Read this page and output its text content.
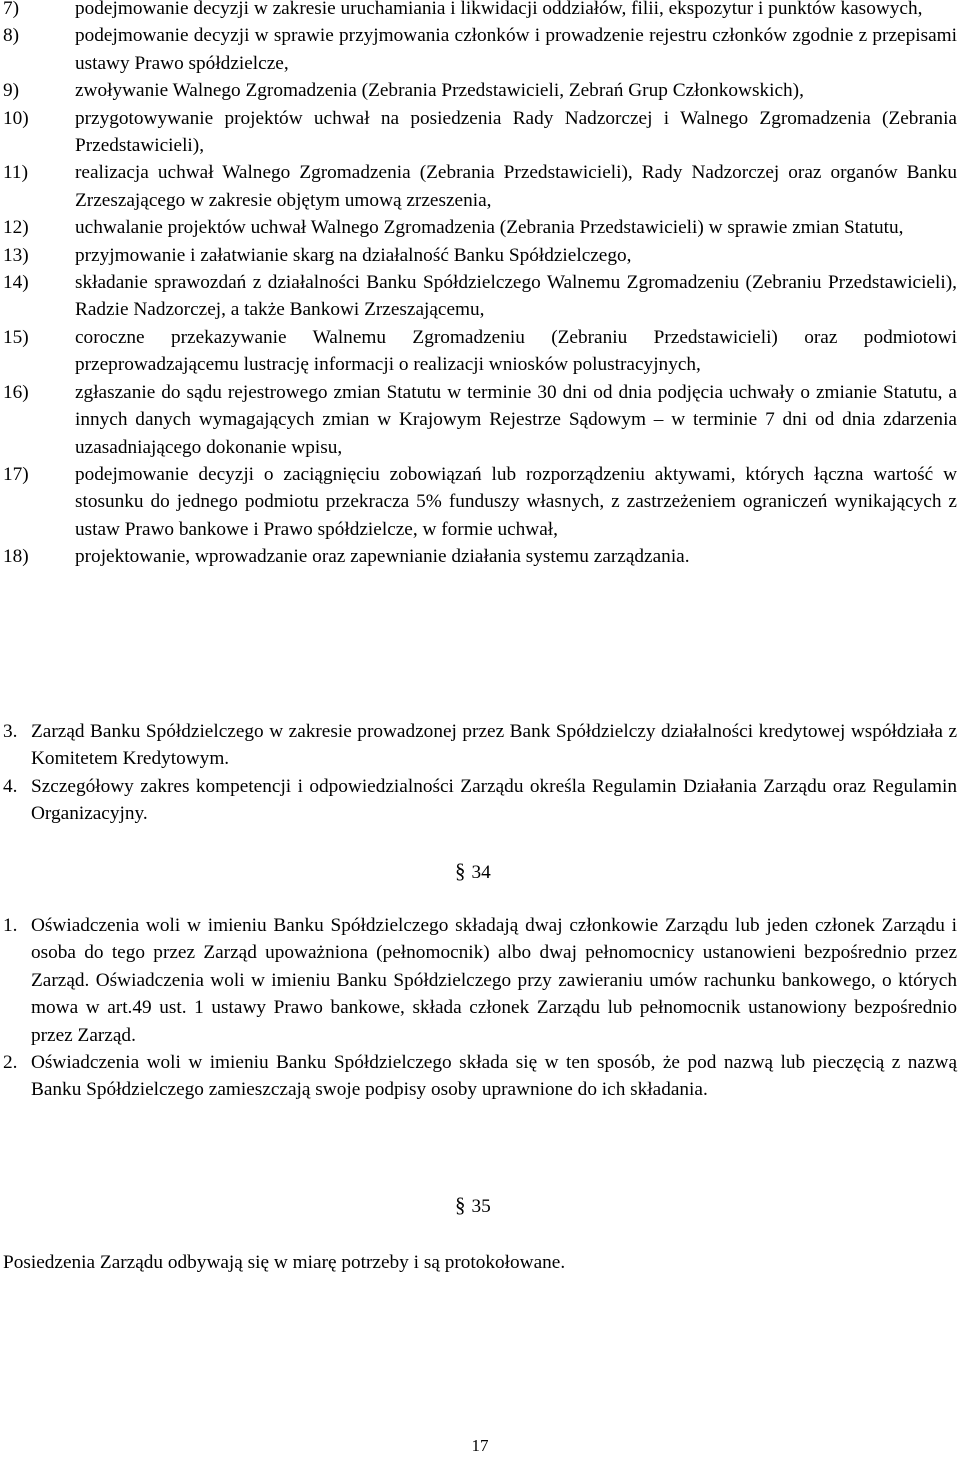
7)	podejmowanie decyzji w zakresie uruchamiania i likwidacji oddziałów, filii, ekspozytur i punktów kasowych,
8)	podejmowanie decyzji w sprawie przyjmowania członków i prowadzenie rejestru członków zgodnie z przepisami ustawy Prawo spółdzielcze,
9)	zwoływanie Walnego Zgromadzenia (Zebrania Przedstawicieli, Zebrań Grup Członkowskich),
10)	przygotowywanie projektów uchwał na posiedzenia Rady Nadzorczej i Walnego Zgromadzenia (Zebrania Przedstawicieli),
11)	realizacja uchwał Walnego Zgromadzenia (Zebrania Przedstawicieli), Rady Nadzorczej oraz organów Banku Zrzeszającego w zakresie objętym umową zrzeszenia,
12)	uchwalanie projektów uchwał Walnego Zgromadzenia (Zebrania Przedstawicieli) w sprawie zmian Statutu,
13)	przyjmowanie i załatwianie skarg na działalność Banku Spółdzielczego,
14)	składanie sprawozdań z działalności Banku Spółdzielczego Walnemu Zgromadzeniu (Zebraniu Przedstawicieli), Radzie Nadzorczej, a także Bankowi Zrzeszającemu,
15)	coroczne przekazywanie Walnemu Zgromadzeniu (Zebraniu Przedstawicieli) oraz podmiotowi przeprowadzającemu lustrację informacji o realizacji wniosków polustracyjnych,
16)	zgłaszanie do sądu rejestrowego zmian Statutu w terminie 30 dni od dnia podjęcia uchwały o zmianie Statutu, a innych danych wymagających zmian w Krajowym Rejestrze Sądowym – w terminie 7 dni od dnia zdarzenia uzasadniającego dokonanie wpisu,
17)	podejmowanie decyzji o zaciągnięciu zobowiązań lub rozporządzeniu aktywami, których łączna wartość w stosunku do jednego podmiotu przekracza 5% funduszy własnych, z zastrzeżeniem ograniczeń wynikających z ustaw Prawo bankowe i Prawo spółdzielcze, w formie uchwał,
18)	projektowanie, wprowadzanie oraz zapewnianie działania systemu zarządzania.
3. Zarząd Banku Spółdzielczego w zakresie prowadzonej przez Bank Spółdzielczy działalności kredytowej współdziała z Komitetem Kredytowym.
4. Szczegółowy zakres kompetencji i odpowiedzialności Zarządu określa Regulamin Działania Zarządu oraz Regulamin Organizacyjny.
§ 34
1. Oświadczenia woli w imieniu Banku Spółdzielczego składają dwaj członkowie Zarządu lub jeden członek Zarządu i osoba do tego przez Zarząd upoważniona (pełnomocnik) albo dwaj pełnomocnicy ustanowieni bezpośrednio przez Zarząd. Oświadczenia woli w imieniu Banku Spółdzielczego przy zawieraniu umów rachunku bankowego, o których mowa w art.49 ust. 1 ustawy Prawo bankowe, składa członek Zarządu lub pełnomocnik ustanowiony bezpośrednio przez Zarząd.
2. Oświadczenia woli w imieniu Banku Spółdzielczego składa się w ten sposób, że pod nazwą lub pieczęcią z nazwą Banku Spółdzielczego zamieszczają swoje podpisy osoby uprawnione do ich składania.
§ 35
Posiedzenia Zarządu odbywają się w miarę potrzeby i są protokołowane.
17
